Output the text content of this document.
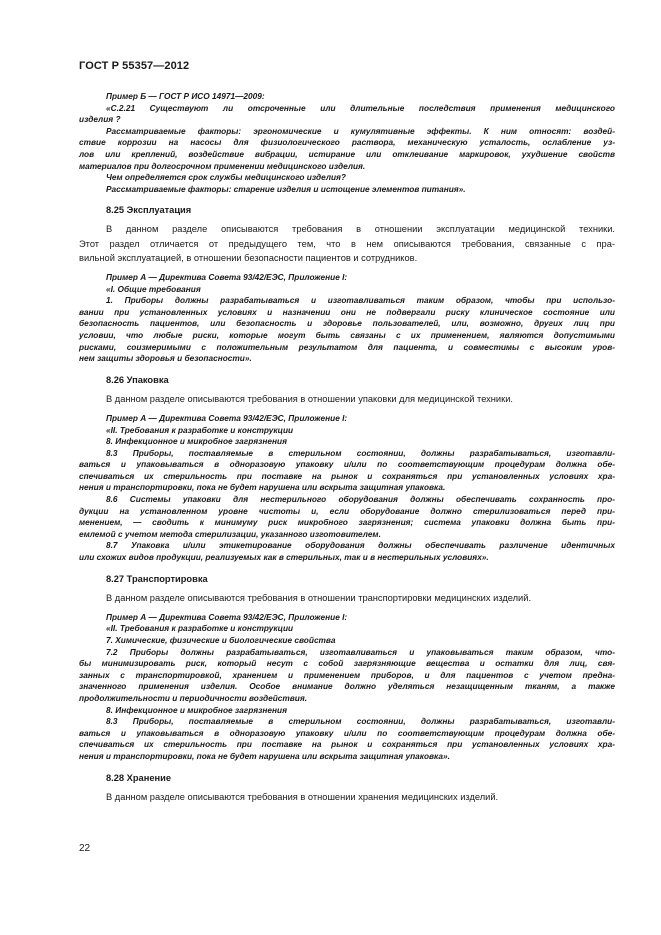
ГОСТ Р 55357—2012
Пример Б — ГОСТ Р ИСО 14971—2009:
«С.2.21 Существуют ли отсроченные или длительные последствия применения медицинского
изделия ?
Рассматриваемые факторы: эргономические и кумулятивные эффекты. К ним относят: воздей-
ствие коррозии на насосы для физиологического раствора, механическую усталость, ослабление уз-
лов или креплений, воздействие вибрации, истирание или отклеивание маркировок, ухудшение свойств
материалов при долгосрочном применении медицинского изделия.
Чем определяется срок службы медицинского изделия?
Рассматриваемые факторы: старение изделия и истощение элементов питания».
8.25 Эксплуатация
В данном разделе описываются требования в отношении эксплуатации медицинской техники.
Этот раздел отличается от предыдущего тем, что в нем описываются требования, связанные с пра-
вильной эксплуатацией, в отношении безопасности пациентов и сотрудников.
Пример А — Директива Совета 93/42/ЕЭС, Приложение I:
«I. Общие требования
1. Приборы должны разрабатываться и изготавливаться таким образом, чтобы при использо-
вании при установленных условиях и назначении они не подвергали риску клиническое состояние или
безопасность пациентов, или безопасность и здоровье пользователей, или, возможно, других лиц при
условии, что любые риски, которые могут быть связаны с их применением, являются допустимыми
рисками, соизмеримыми с положительным результатом для пациента, и совместимы с высоким уров-
нем защиты здоровья и безопасности».
8.26 Упаковка
В данном разделе описываются требования в отношении упаковки для медицинской техники.
Пример А — Директива Совета 93/42/ЕЭС, Приложение I:
«II. Требования к разработке и конструкции
8. Инфекционное и микробное загрязнения
8.3 Приборы, поставляемые в стерильном состоянии, должны разрабатываться, изготавли-
ваться и упаковываться в одноразовую упаковку и/или по соответствующим процедурам должна обе-
спечиваться их стерильность при поставке на рынок и сохраняться при установленных условиях хра-
нения и транспортировки, пока не будет нарушена или вскрыта защитная упаковка.
8.6 Системы упаковки для нестерильного оборудования должны обеспечивать сохранность про-
дукции на установленном уровне чистоты и, если оборудование должно стерилизоваться перед при-
менением, — сводить к минимуму риск микробного загрязнения; система упаковки должна быть при-
емлемой с учетом метода стерилизации, указанного изготовителем.
8.7 Упаковка и/или этикетирование оборудования должны обеспечивать различение идентичных
или схожих видов продукции, реализуемых как в стерильных, так и в нестерильных условиях».
8.27 Транспортировка
В данном разделе описываются требования в отношении транспортировки медицинских изделий.
Пример А — Директива Совета 93/42/ЕЭС, Приложение I:
«II. Требования к разработке и конструкции
7. Химические, физические и биологические свойства
7.2 Приборы должны разрабатываться, изготавливаться и упаковываться таким образом, что-
бы минимизировать риск, который несут с собой загрязняющие вещества и остатки для лиц, свя-
занных с транспортировкой, хранением и применением приборов, и для пациентов с учетом предна-
значенного применения изделия. Особое внимание должно уделяться незащищенным тканям, а также
продолжительности и периодичности воздействия.
8. Инфекционное и микробное загрязнения
8.3 Приборы, поставляемые в стерильном состоянии, должны разрабатываться, изготавли-
ваться и упаковываться в одноразовую упаковку и/или по соответствующим процедурам должна обе-
спечиваться их стерильность при поставке на рынок и сохраняться при установленных условиях хра-
нения и транспортировки, пока не будет нарушена или вскрыта защитная упаковка».
8.28 Хранение
В данном разделе описываются требования в отношении хранения медицинских изделий.
22
